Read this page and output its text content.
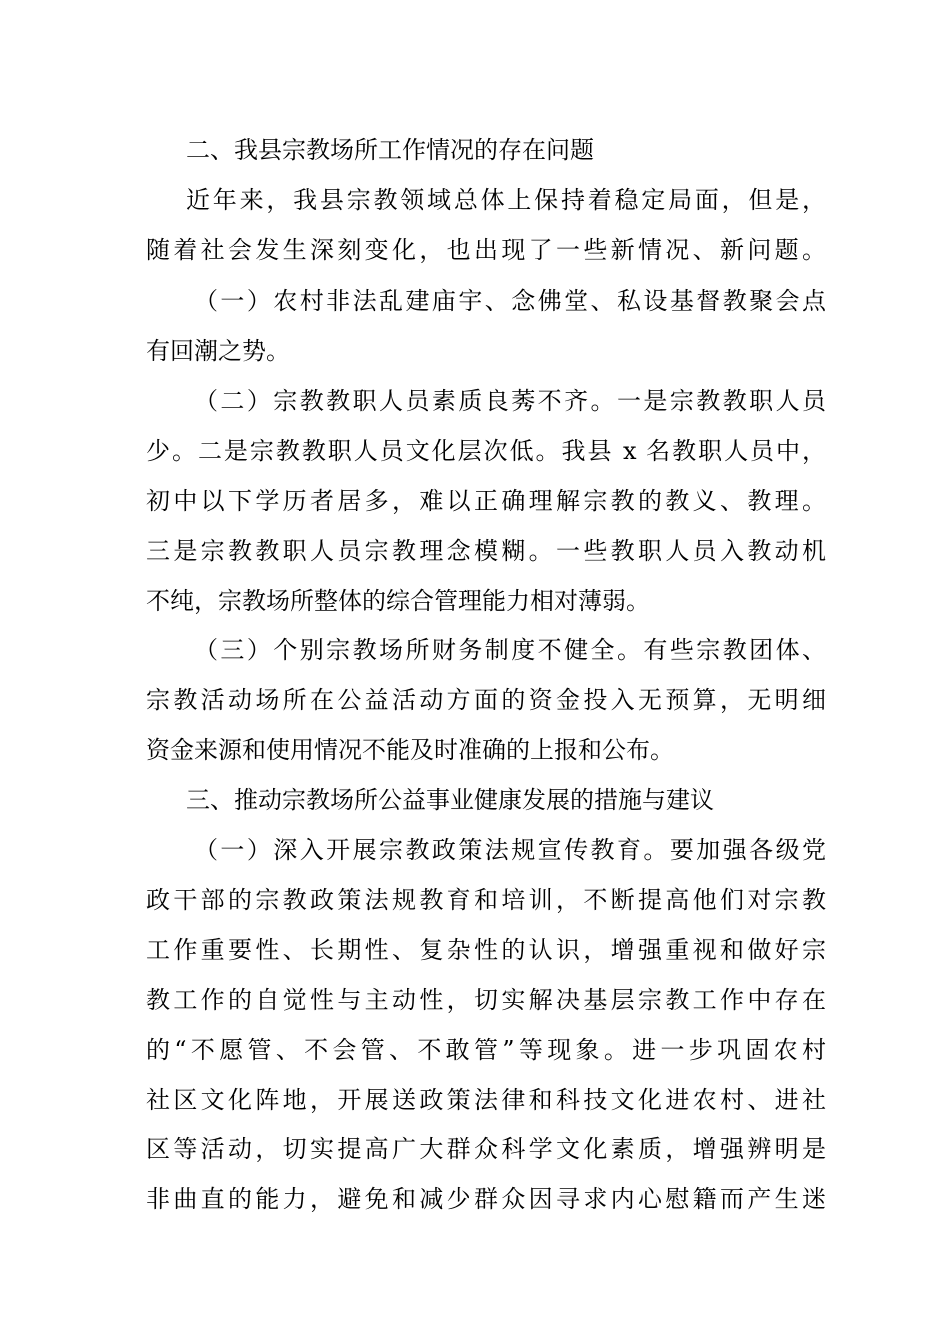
二、我县宗教场所工作情况的存在问题
近年来，我县宗教领域总体上保持着稳定局面，但是，
随着社会发生深刻变化，也出现了一些新情况、新问题。
（一）农村非法乱建庙宇、念佛堂、私设基督教聚会点
有回潮之势。
（二）宗教教职人员素质良莠不齐。一是宗教教职人员
少。二是宗教教职人员文化层次低。我县 x 名教职人员中，
初中以下学历者居多，难以正确理解宗教的教义、教理。
三是宗教教职人员宗教理念模糊。一些教职人员入教动机
不纯，宗教场所整体的综合管理能力相对薄弱。
（三）个别宗教场所财务制度不健全。有些宗教团体、
宗教活动场所在公益活动方面的资金投入无预算，无明细
资金来源和使用情况不能及时准确的上报和公布。
三、推动宗教场所公益事业健康发展的措施与建议
（一）深入开展宗教政策法规宣传教育。要加强各级党
政干部的宗教政策法规教育和培训，不断提高他们对宗教
工作重要性、长期性、复杂性的认识，增强重视和做好宗
教工作的自觉性与主动性，切实解决基层宗教工作中存在
的“不愿管、不会管、不敢管”等现象。进一步巩固农村
社区文化阵地，开展送政策法律和科技文化进农村、进社
区等活动，切实提高广大群众科学文化素质，增强辨明是
非曲直的能力，避免和减少群众因寻求内心慰籍而产生迷
